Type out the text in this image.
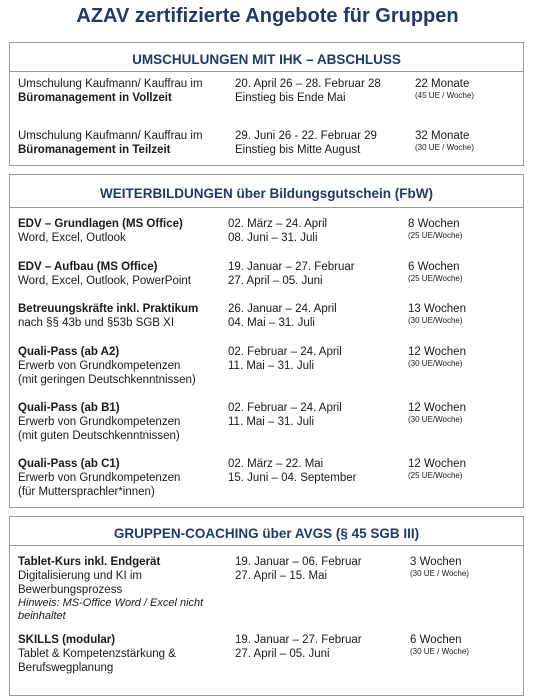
AZAV zertifizierte Angebote für Gruppen
UMSCHULUNGEN MIT IHK – ABSCHLUSS
Umschulung Kaufmann/ Kauffrau im
Büromanagement in Vollzeit
20. April 26 – 28. Februar 28
Einstieg bis Ende Mai
22 Monate
(45 UE / Woche)
Umschulung Kaufmann/ Kauffrau im
Büromanagement in Teilzeit
29. Juni 26 - 22. Februar 29
Einstieg bis Mitte August
32 Monate
(30 UE / Woche)
WEITERBILDUNGEN über Bildungsgutschein (FbW)
EDV – Grundlagen (MS Office)
Word, Excel, Outlook
02. März – 24. April
08. Juni – 31. Juli
8 Wochen
(25 UE/Woche)
EDV – Aufbau (MS Office)
Word, Excel, Outlook, PowerPoint
19. Januar – 27. Februar
27. April – 05. Juni
6 Wochen
(25 UE/Woche)
Betreuungskräfte inkl. Praktikum
nach §§ 43b und §53b SGB XI
26. Januar – 24. April
04. Mai – 31. Juli
13 Wochen
(30 UE/Woche)
Quali-Pass (ab A2)
Erwerb von Grundkompetenzen
(mit geringen Deutschkenntnissen)
02. Februar – 24. April
11. Mai – 31. Juli
12 Wochen
(30 UE/Woche)
Quali-Pass (ab B1)
Erwerb von Grundkompetenzen
(mit guten Deutschkenntnissen)
02. Februar – 24. April
11. Mai – 31. Juli
12 Wochen
(30 UE/Woche)
Quali-Pass (ab C1)
Erwerb von Grundkompetenzen
(für Muttersprachler*innen)
02. März – 22. Mai
15. Juni – 04. September
12 Wochen
(25 UE/Woche)
GRUPPEN-COACHING über AVGS (§ 45 SGB III)
Tablet-Kurs inkl. Endgerät
Digitalisierung und KI im
Bewerbungsprozess
Hinweis: MS-Office Word / Excel nicht
beinhaltet
19. Januar – 06. Februar
27. April – 15. Mai
3 Wochen
(30 UE / Woche)
SKILLS (modular)
Tablet & Kompetenzstärkung &
Berufswegplanung
19. Januar – 27. Februar
27. April – 05. Juni
6 Wochen
(30 UE / Woche)
